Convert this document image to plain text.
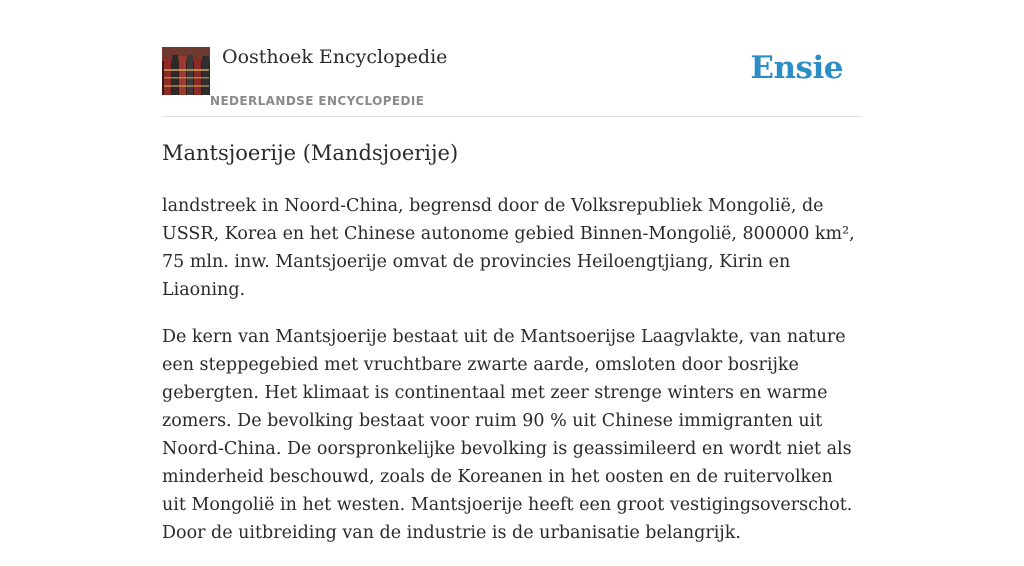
Oosthoek Encyclopedie
NEDERLANDSE ENCYCLOPEDIE
Ensie
Mantsjoerije (Mandsjoerije)

landstreek in Noord-China, begrensd door de Volksrepubliek Mongolië, de USSR, Korea en het Chinese autonome gebied Binnen-Mongolië, 800000 km², 75 mln. inw. Mantsjoerije omvat de provincies Heiloengtjiang, Kirin en Liaoning.

De kern van Mantsjoerije bestaat uit de Mantsoerijse Laagvlakte, van nature een steppegebied met vruchtbare zwarte aarde, omsloten door bosrijke gebergten. Het klimaat is continentaal met zeer strenge winters en warme zomers. De bevolking bestaat voor ruim 90 % uit Chinese immigranten uit Noord-China. De oorspronkelijke bevolking is geassimileerd en wordt niet als minderheid beschouwd, zoals de Koreanen in het oosten en de ruitervolken uit Mongolië in het westen. Mantsjoerije heeft een groot vestigingsoverschot. Door de uitbreiding van de industrie is de urbanisatie belangrijk.
